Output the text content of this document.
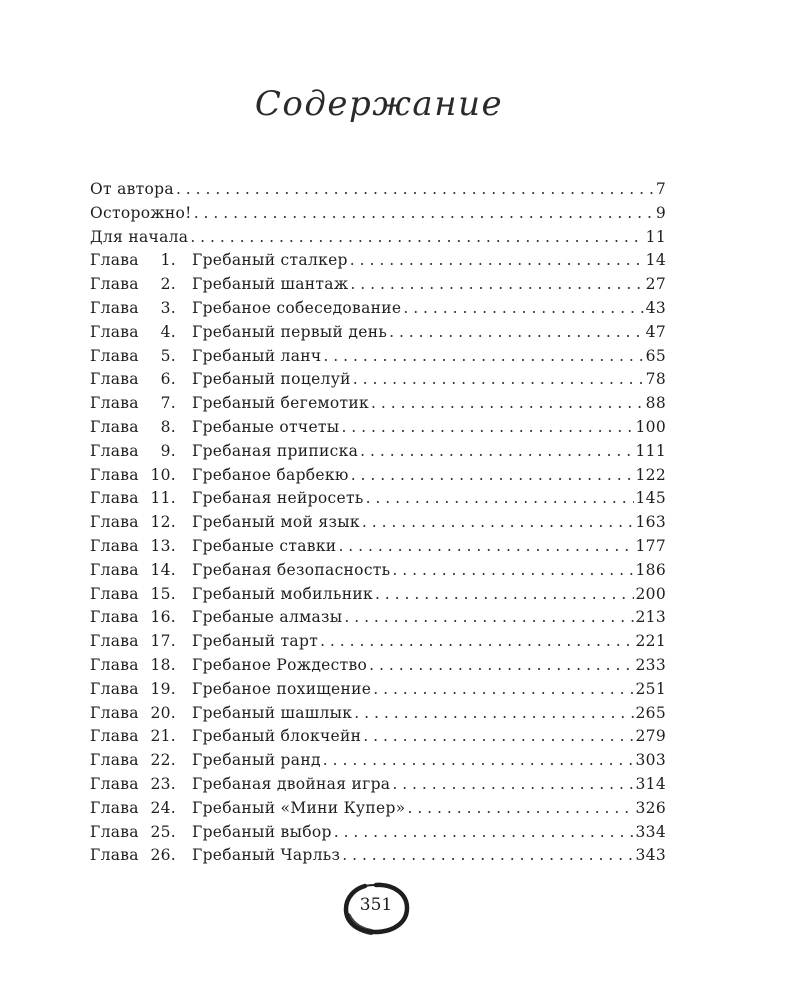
Содержание
От автора . . .	7
Осторожно! . . .	9
Для начала . . .	11
Глава 1.	Гребаный сталкер . . .	14
Глава 2.	Гребаный шантаж . . .	27
Глава 3.	Гребаное собеседование . . .	43
Глава 4.	Гребаный первый день . . .	47
Глава 5.	Гребаный ланч . . .	65
Глава 6.	Гребаный поцелуй . . .	78
Глава 7.	Гребаный бегемотик . . .	88
Глава 8.	Гребаные отчеты . . .	100
Глава 9.	Гребаная приписка . . .	111
Глава 10.	Гребаное барбекю . . .	122
Глава 11.	Гребаная нейросеть . . .	145
Глава 12.	Гребаный мой язык . . .	163
Глава 13.	Гребаные ставки . . .	177
Глава 14.	Гребаная безопасность . . .	186
Глава 15.	Гребаный мобильник . . .	200
Глава 16.	Гребаные алмазы . . .	213
Глава 17.	Гребаный тарт . . .	221
Глава 18.	Гребаное Рождество . . .	233
Глава 19.	Гребаное похищение . . .	251
Глава 20.	Гребаный шашлык . . .	265
Глава 21.	Гребаный блокчейн . . .	279
Глава 22.	Гребаный ранд . . .	303
Глава 23.	Гребаная двойная игра . . .	314
Глава 24.	Гребаный «Мини Купер» . . .	326
Глава 25.	Гребаный выбор . . .	334
Глава 26.	Гребаный Чарльз . . .	343
351
